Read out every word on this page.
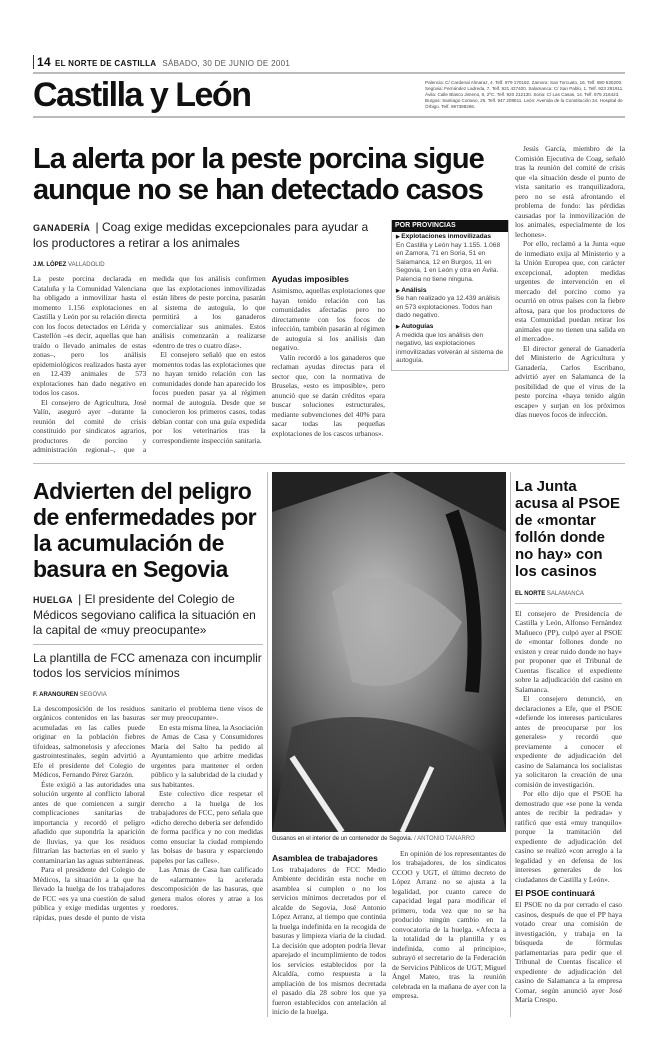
14 EL NORTE DE CASTILLA SÁBADO, 30 DE JUNIO DE 2001
Castilla y León	Palencia: C/ Cardenal Almaraz, 4. Telf. 979 170182. Zamora: San Torcuato, 16. Telf. 980 530200. Segovia: Fernández Ladreda, 7. Telf. 921 427400. Salamanca: C/ San Pablo, 1. Telf. 923 281911. Ávila: Calle Blasco Jimeno, 6, 2ºC. Telf. 920 212130. Soria: C/ Las Casas, 14. Telf. 975 216423. Burgos: Santiago Coriano, 25. Telf. 947 208811. León: Avenida de la Constitución 34. Hospital de Órbigo. Telf. 987388266.
La alerta por la peste porcina sigue aunque no se han detectado casos

Jesús García, miembro de la Comisión Ejecutiva de Coag, señaló tras la reunión del comité de crisis que «la situación desde el punto de vista sanitario es tranquilizadora, pero no se está afrontando el problema de fondo: las pérdidas causadas por la inmovilización de los animales, especialmente de los lechones».

Por ello, reclamó a la Junta «que de inmediato exija al Ministerio y a la Unión Europea que, con carácter excepcional, adopten medidas urgentes de intervención en el mercado del porcino como ya ocurrió en otros países con la fiebre aftosa, para que los productores de esta Comunidad puedan retirar los animales que no tienen una salida en el mercado».

El director general de Ganadería del Ministerio de Agricultura y Ganadería, Carlos Escribano, advirtió ayer en Salamanca de la posibilidad de que el virus de la peste porcina «haya tenido algún escape» y surjan en los próximos días nuevos focos de infección.

GANADERÍA | Coag exige medidas excepcionales para ayudar a los productores a retirar a los animales
J.M. LÓPEZ VALLADOLID

La peste porcina declarada en Cataluña y la Comunidad Valenciana ha obligado a inmovilizar hasta el momento 1.156 explotaciones en Castilla y León por su relación directa con los focos detectados en Lérida y Castellón –es decir, aquellas que han traído o llevado animales de estas zonas–, pero los análisis epidemiológicos realizados hasta ayer en 12.439 animales de 573 explotaciones han dado negativo en todos los casos.

El consejero de Agricultura, José Valín, aseguró ayer –durante la reunión del comité de crisis constituido por sindicatos agrarios, productores de porcino y administración regional–, que a medida que los análisis confirmen que las explotaciones inmovilizadas están libres de peste porcina, pasarán al sistema de autoguía, lo que permitirá a los ganaderos comercializar sus animales. Estos análisis comenzarán a realizarse «dentro de tres o cuatro días».

El consejero señaló que en estos momentos todas las explotaciones que no hayan tenido relación con las comunidades donde han aparecido los focos pueden pasar ya al régimen normal de autoguía. Desde que se conocieron los primeros casos, todas debían contar con una guía expedida por los veterinarios tras la correspondiente inspección sanitaria.

Ayudas imposibles

Asimismo, aquellas explotaciones que hayan tenido relación con las comunidades afectadas pero no directamente con los focos de infección, también pasarán al régimen de autoguía si los análisis dan negativo.

Valín recordó a los ganaderos que reclaman ayudas directas para el sector que, con la normativa de Bruselas, «esto es imposible», pero anunció que se darán créditos «para buscar soluciones estructurales, mediante subvenciones del 40% para sacar todas las pequeñas explotaciones de los cascos urbanos».

POR PROVINCIAS
▶ Explotaciones inmovilizadas
En Castilla y León hay 1.155. 1.068 en Zamora, 71 en Soria, 51 en Salamanca, 12 en Burgos, 11 en Segovia, 1 en León y otra en Ávila. Palencia no tiene ninguna.
▶ Análisis
Se han realizado ya 12.439 análisis en 573 explotaciones. Todos han dado negativo.
▶ Autoguías
A medida que los análisis den negativo, las explotaciones inmovilizadas volverán al sistema de autoguía.
Advierten del peligro de enfermedades por la acumulación de basura en Segovia
HUELGA | El presidente del Colegio de Médicos segoviano califica la situación en la capital de «muy preocupante»
La plantilla de FCC amenaza con incumplir todos los servicios mínimos
F. ARANGUREN SEGOVIA

La descomposición de los residuos orgánicos contenidos en las basuras acumuladas en las calles puede originar en la población fiebres tifoideas, salmonelosis y afecciones gastrointestinales, según advirtió a Efe el presidente del Colegio de Médicos, Fernando Pérez Garzón.

Éste exigió a las autoridades una solución urgente al conflicto laboral antes de que comiencen a surgir complicaciones sanitarias de importancia y recordó el peligro añadido que supondría la aparición de lluvias, ya que los residuos filtrarían las bacterias en el suelo y contaminarían las aguas subterráneas.

Para el presidente del Colegio de Médicos, la situación a la que ha llevado la huelga de los trabajadores de FCC «es ya una cuestión de salud pública y exige medidas urgentes y rápidas, pues desde el punto de vista sanitario el problema tiene visos de ser muy preocupante».

En esta misma línea, la Asociación de Amas de Casa y Consumidores María del Salto ha pedido al Ayuntamiento que arbitre medidas urgentes para mantener el orden público y la salubridad de la ciudad y sus habitantes.

Este colectivo dice respetar el derecho a la huelga de los trabajadores de FCC, pero señala que «dicho derecho debería ser defendido de forma pacífica y no con medidas como ensuciar la ciudad rompiendo las bolsas de basura y esparciendo papeles por las calles».

Las Amas de Casa han calificado de «alarmante» la acelerada descomposición de las basuras, que genera malos olores y atrae a los roedores.

Gusanos en el interior de un contenedor de Segovia. / ANTONIO TANARRO
Asamblea de trabajadores

Los trabajadores de FCC Medio Ambiente decidirán esta noche en asamblea si cumplen o no los servicios mínimos decretados por el alcalde de Segovia, José Antonio López Arranz, al tiempo que continúa la huelga indefinida en la recogida de basuras y limpieza viaria de la ciudad. La decisión que adopten podría llevar aparejado el incumplimiento de todos los servicios establecidos por la Alcaldía, como respuesta a la ampliación de los mismos decretada el pasado día 28 sobre los que ya fueron establecidos con antelación al inicio de la huelga.

En opinión de los representantes de los trabajadores, de los sindicatos CCOO y UGT, el último decreto de López Arranz no se ajusta a la legalidad, por cuanto carece de capacidad legal para modificar el primero, toda vez que no se ha producido ningún cambio en la convocatoria de la huelga. «Afecta a la totalidad de la plantilla y es indefinida, como al principio», subrayó el secretario de la Federación de Servicios Públicos de UGT, Miguel Ángel Mateo, tras la reunión celebrada en la mañana de ayer con la empresa.

La Junta acusa al PSOE de «montar follón donde no hay» con los casinos
EL NORTE SALAMANCA

El consejero de Presidencia de Castilla y León, Alfonso Fernández Mañueco (PP), culpó ayer al PSOE de «montar follones donde no existen y crear ruido donde no hay» por proponer que el Tribunal de Cuentas fiscalice el expediente sobre la adjudicación del casino en Salamanca.

El consejero denunció, en declaraciones a Efe, que el PSOE «defiende los intereses particulares antes de preocuparse por los generales» y recordó que previamente a conocer el expediente de adjudicación del casino de Salamanca los socialistas ya solicitaron la creación de una comisión de investigación.

Por ello dijo que el PSOE ha demostrado que «se pone la venda antes de recibir la pedrada» y ratificó que está «muy tranquilo» porque la tramitación del expediente de adjudicación del casino se realizó «con arreglo a la legalidad y en defensa de los intereses generales de los ciudadanos de Castilla y León».

El PSOE continuará

El PSOE no da por cerrado el caso casinos, después de que el PP haya votado crear una comisión de investigación, y trabaja en la búsqueda de fórmulas parlamentarias para pedir que el Tribunal de Cuentas fiscalice el expediente de adjudicación del casino de Salamanca a la empresa Comar, según anunció ayer José María Crespo.
